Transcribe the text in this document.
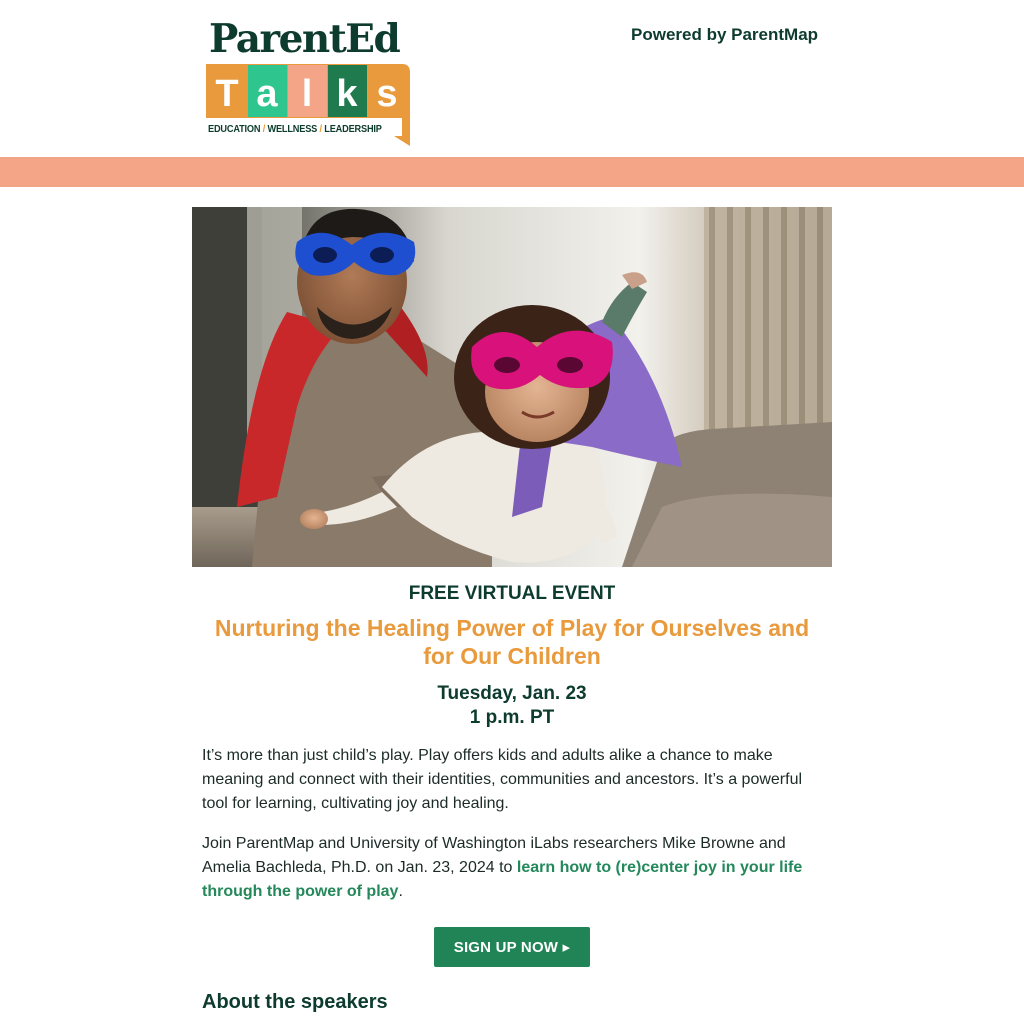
ParentEd
T a l k s
EDUCATION / WELLNESS / LEADERSHIP
Powered by ParentMap
FREE VIRTUAL EVENT
Nurturing the Healing Power of Play for Ourselves and for Our Children
Tuesday, Jan. 23
1 p.m. PT

It’s more than just child’s play. Play offers kids and adults alike a chance to make meaning and connect with their identities, communities and ancestors. It’s a powerful tool for learning, cultivating joy and healing.

Join ParentMap and University of Washington iLabs researchers Mike Browne and Amelia Bachleda, Ph.D. on Jan. 23, 2024 to learn how to (re)center joy in your life through the power of play.

SIGN UP NOW ▸
About the speakers
